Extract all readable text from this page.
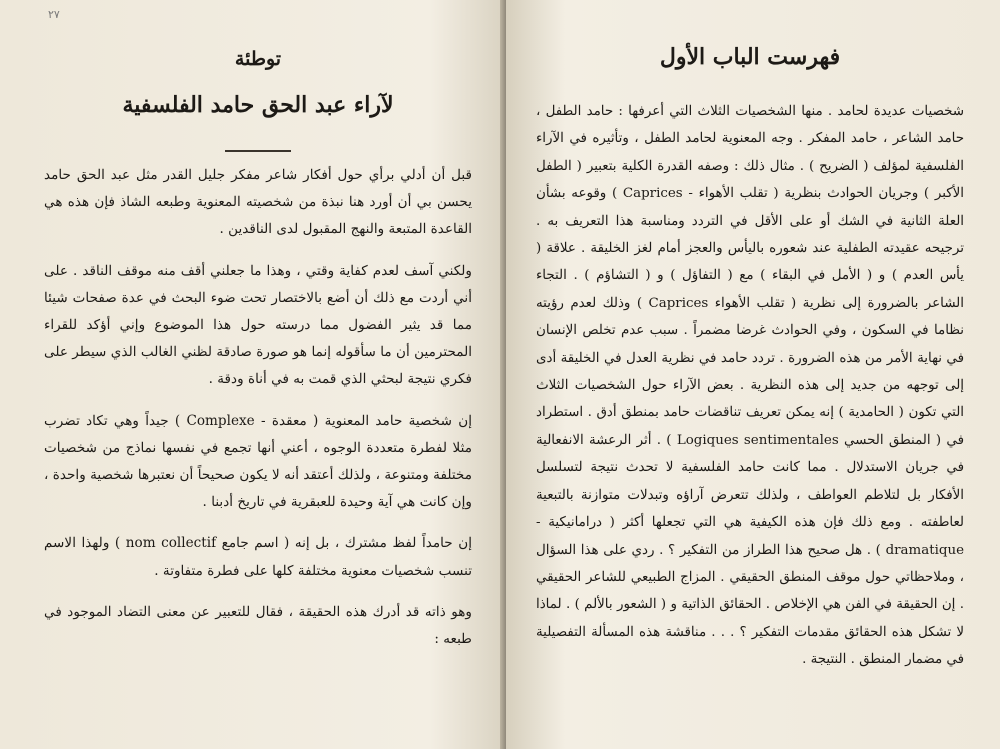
٢٧
توطئة
لآراء عبد الحق حامد الفلسفية

قبل أن أدلي برأي حول أفكار شاعر مفكر جليل القدر مثل عبد الحق حامد يحسن بي أن أورد هنا نبذة من شخصيته المعنوية وطبعه الشاذ فإن هذه هي القاعدة المتبعة والنهج المقبول لدى الناقدين .

ولكني آسف لعدم كفاية وقتي ، وهذا ما جعلني أقف منه موقف الناقد . على أني أردت مع ذلك أن أضع بالاختصار تحت ضوء البحث في عدة صفحات شيئا مما قد يثير الفضول مما درسته حول هذا الموضوع وإني أؤكد للقراء المحترمين أن ما سأقوله إنما هو صورة صادقة لظني الغالب الذي سيطر على فكري نتيجة لبحثي الذي قمت به في أناة ودقة .

إن شخصية حامد المعنوية ( معقدة - Complexe ) جيداً وهي تكاد تضرب مثلا لفطرة متعددة الوجوه ، أعني أنها تجمع في نفسها نماذج من شخصيات مختلفة ومتنوعة ، ولذلك أعتقد أنه لا يكون صحيحاً أن نعتبرها شخصية واحدة ، وإن كانت هي آية وحيدة للعبقرية في تاريخ أدبنا .

إن حامداً لفظ مشترك ، بل إنه ( اسم جامع nom collectif ) ولهذا الاسم تنسب شخصيات معنوية مختلفة كلها على فطرة متفاوتة .

وهو ذاته قد أدرك هذه الحقيقة ، فقال للتعبير عن معنى التضاد الموجود في طبعه :

فهرست الباب الأول

شخصيات عديدة لحامد . منها الشخصيات الثلاث التي أعرفها : حامد الطفل ، حامد الشاعر ، حامد المفكر . وجه المعنوية لحامد الطفل ، وتأثيره في الآراء الفلسفية لمؤلف ( الضريح ) . مثال ذلك : وصفه القدرة الكلية بتعبير ( الطفل الأكبر ) وجريان الحوادث بنظرية ( تقلب الأهواء - Caprices ) وقوعه بشأن العلة الثانية في الشك أو على الأقل في التردد ومناسبة هذا التعريف به . ترجيحه عقيدته الطفلية عند شعوره باليأس والعجز أمام لغز الخليقة . علاقة ( يأس العدم ) و ( الأمل في البقاء ) مع ( التفاؤل ) و ( التشاؤم ) . التجاء الشاعر بالضرورة إلى نظرية ( تقلب الأهواء Caprices ) وذلك لعدم رؤيته نظاما في السكون ، وفي الحوادث غرضا مضمراً . سبب عدم تخلص الإنسان في نهاية الأمر من هذه الضرورة . تردد حامد في نظرية العدل في الخليقة أدى إلى توجهه من جديد إلى هذه النظرية . بعض الآراء حول الشخصيات الثلاث التي تكون ( الحامدية ) إنه يمكن تعريف تناقضات حامد بمنطق أدق . استطراد في ( المنطق الحسي Logiques sentimentales ) . أثر الرعشة الانفعالية في جريان الاستدلال . مما كانت حامد الفلسفية لا تحدث نتيجة لتسلسل الأفكار بل لتلاطم العواطف ، ولذلك تتعرض آراؤه وتبدلات متوازنة بالتبعية لعاطفته . ومع ذلك فإن هذه الكيفية هي التي تجعلها أكثر ( درامانيكية - dramatique ) . هل صحيح هذا الطراز من التفكير ؟ . ردي على هذا السؤال ، وملاحظاتي حول موقف المنطق الحقيقي . المزاج الطبيعي للشاعر الحقيقي . إن الحقيقة في الفن هي الإخلاص . الحقائق الذاتية و ( الشعور بالألم ) . لماذا لا تشكل هذه الحقائق مقدمات التفكير ؟ . . . مناقشة هذه المسألة التفصيلية في مضمار المنطق . النتيجة .
